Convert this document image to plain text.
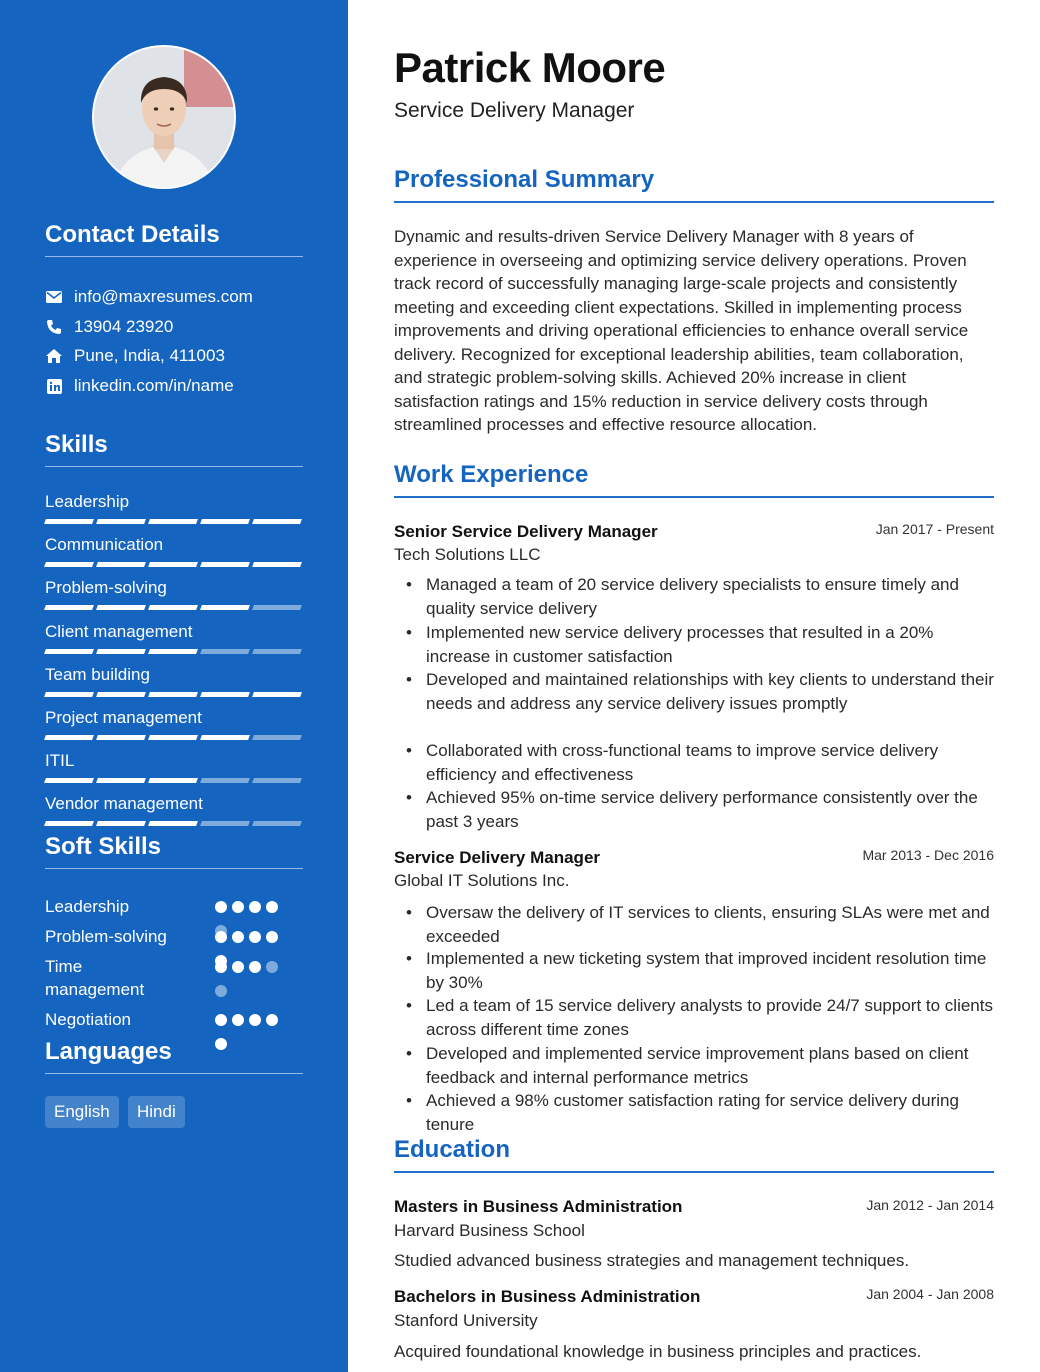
Contact Details
info@maxresumes.com
13904 23920
Pune, India, 411003
linkedin.com/in/name
Skills
Leadership
Communication
Problem-solving
Client management
Team building
Project management
ITIL
Vendor management
Soft Skills
Leadership
Problem-solving
Time management
Negotiation
Languages
English	Hindi
Patrick Moore
Service Delivery Manager
Professional Summary

Dynamic and results-driven Service Delivery Manager with 8 years of experience in overseeing and optimizing service delivery operations. Proven track record of successfully managing large-scale projects and consistently meeting and exceeding client expectations. Skilled in implementing process improvements and driving operational efficiencies to enhance overall service delivery. Recognized for exceptional leadership abilities, team collaboration, and strategic problem-solving skills. Achieved 20% increase in client satisfaction ratings and 15% reduction in service delivery costs through streamlined processes and effective resource allocation.

Work Experience
Senior Service Delivery Manager	Jan 2017 - Present
Tech Solutions LLC
• Managed a team of 20 service delivery specialists to ensure timely and quality service delivery
• Implemented new service delivery processes that resulted in a 20% increase in customer satisfaction
• Developed and maintained relationships with key clients to understand their needs and address any service delivery issues promptly
• Collaborated with cross-functional teams to improve service delivery efficiency and effectiveness
• Achieved 95% on-time service delivery performance consistently over the past 3 years
Service Delivery Manager	Mar 2013 - Dec 2016
Global IT Solutions Inc.
• Oversaw the delivery of IT services to clients, ensuring SLAs were met and exceeded
• Implemented a new ticketing system that improved incident resolution time by 30%
• Led a team of 15 service delivery analysts to provide 24/7 support to clients across different time zones
• Developed and implemented service improvement plans based on client feedback and internal performance metrics
• Achieved a 98% customer satisfaction rating for service delivery during tenure
Education
Masters in Business Administration	Jan 2012 - Jan 2014
Harvard Business School
Studied advanced business strategies and management techniques.
Bachelors in Business Administration	Jan 2004 - Jan 2008
Stanford University
Acquired foundational knowledge in business principles and practices.
